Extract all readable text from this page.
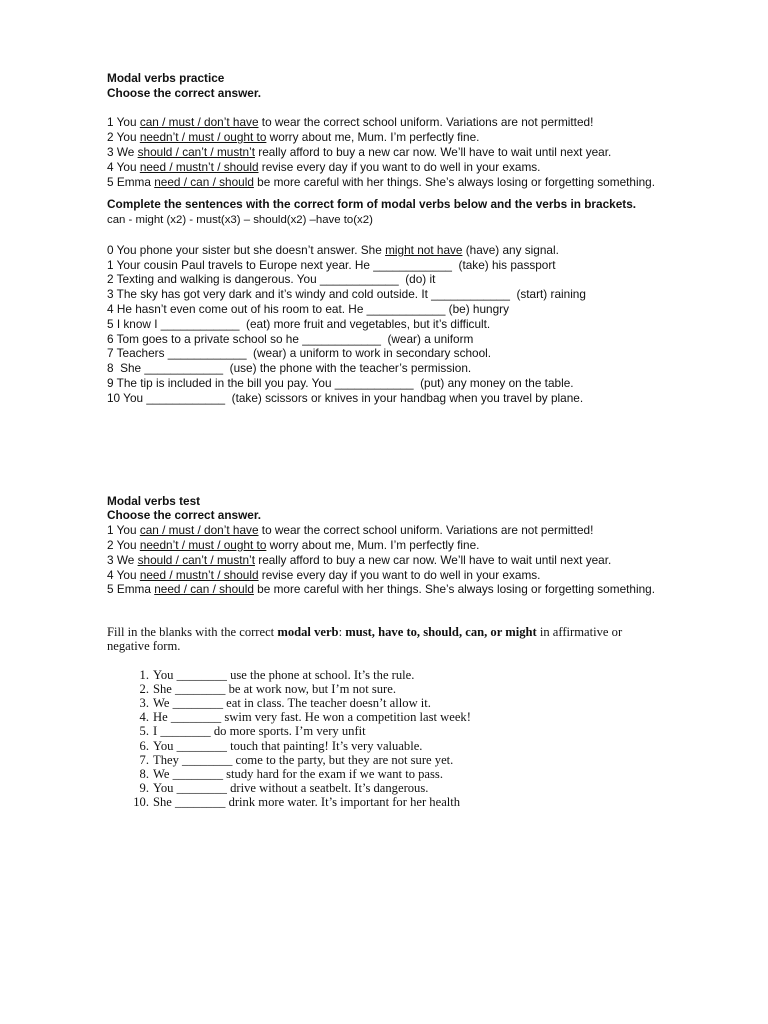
Modal verbs practice
Choose the correct answer.
1 You can / must / don’t have to wear the correct school uniform. Variations are not permitted!
2 You needn’t / must / ought to worry about me, Mum. I’m perfectly fine.
3 We should / can’t / mustn’t really afford to buy a new car now. We’ll have to wait until next year.
4 You need / mustn’t / should revise every day if you want to do well in your exams.
5 Emma need / can / should be more careful with her things. She’s always losing or forgetting something.
Complete the sentences with the correct form of modal verbs below and the verbs in brackets.can - might (x2) - must(x3) – should(x2) –have to(x2)
0 You phone your sister but she doesn’t answer. She might not have (have) any signal.
1 Your cousin Paul travels to Europe next year. He ____________  (take) his passport
2 Texting and walking is dangerous. You ____________  (do) it
3 The sky has got very dark and it’s windy and cold outside. It ____________  (start) raining
4 He hasn’t even come out of his room to eat. He ____________ (be) hungry
5 I know I ____________  (eat) more fruit and vegetables, but it’s difficult.
6 Tom goes to a private school so he ____________  (wear) a uniform
7 Teachers ____________  (wear) a uniform to work in secondary school.
8  She ____________  (use) the phone with the teacher’s permission.
9 The tip is included in the bill you pay. You ____________  (put) any money on the table.
10 You ____________  (take) scissors or knives in your handbag when you travel by plane.
Modal verbs test
Choose the correct answer.
1 You can / must / don’t have to wear the correct school uniform. Variations are not permitted!
2 You needn’t / must / ought to worry about me, Mum. I’m perfectly fine.
3 We should / can’t / mustn’t really afford to buy a new car now. We’ll have to wait until next year.
4 You need / mustn’t / should revise every day if you want to do well in your exams.
5 Emma need / can / should be more careful with her things. She’s always losing or forgetting something.
Fill in the blanks with the correct modal verb: must, have to, should, can, or might in affirmative or negative form.
1. You ________ use the phone at school. It’s the rule.
2. She ________ be at work now, but I’m not sure.
3. We ________ eat in class. The teacher doesn’t allow it.
4. He ________ swim very fast. He won a competition last week!
5. I ________ do more sports. I’m very unfit
6. You ________ touch that painting! It’s very valuable.
7. They ________ come to the party, but they are not sure yet.
8. We ________ study hard for the exam if we want to pass.
9. You ________ drive without a seatbelt. It’s dangerous.
10. She ________ drink more water. It’s important for her health
